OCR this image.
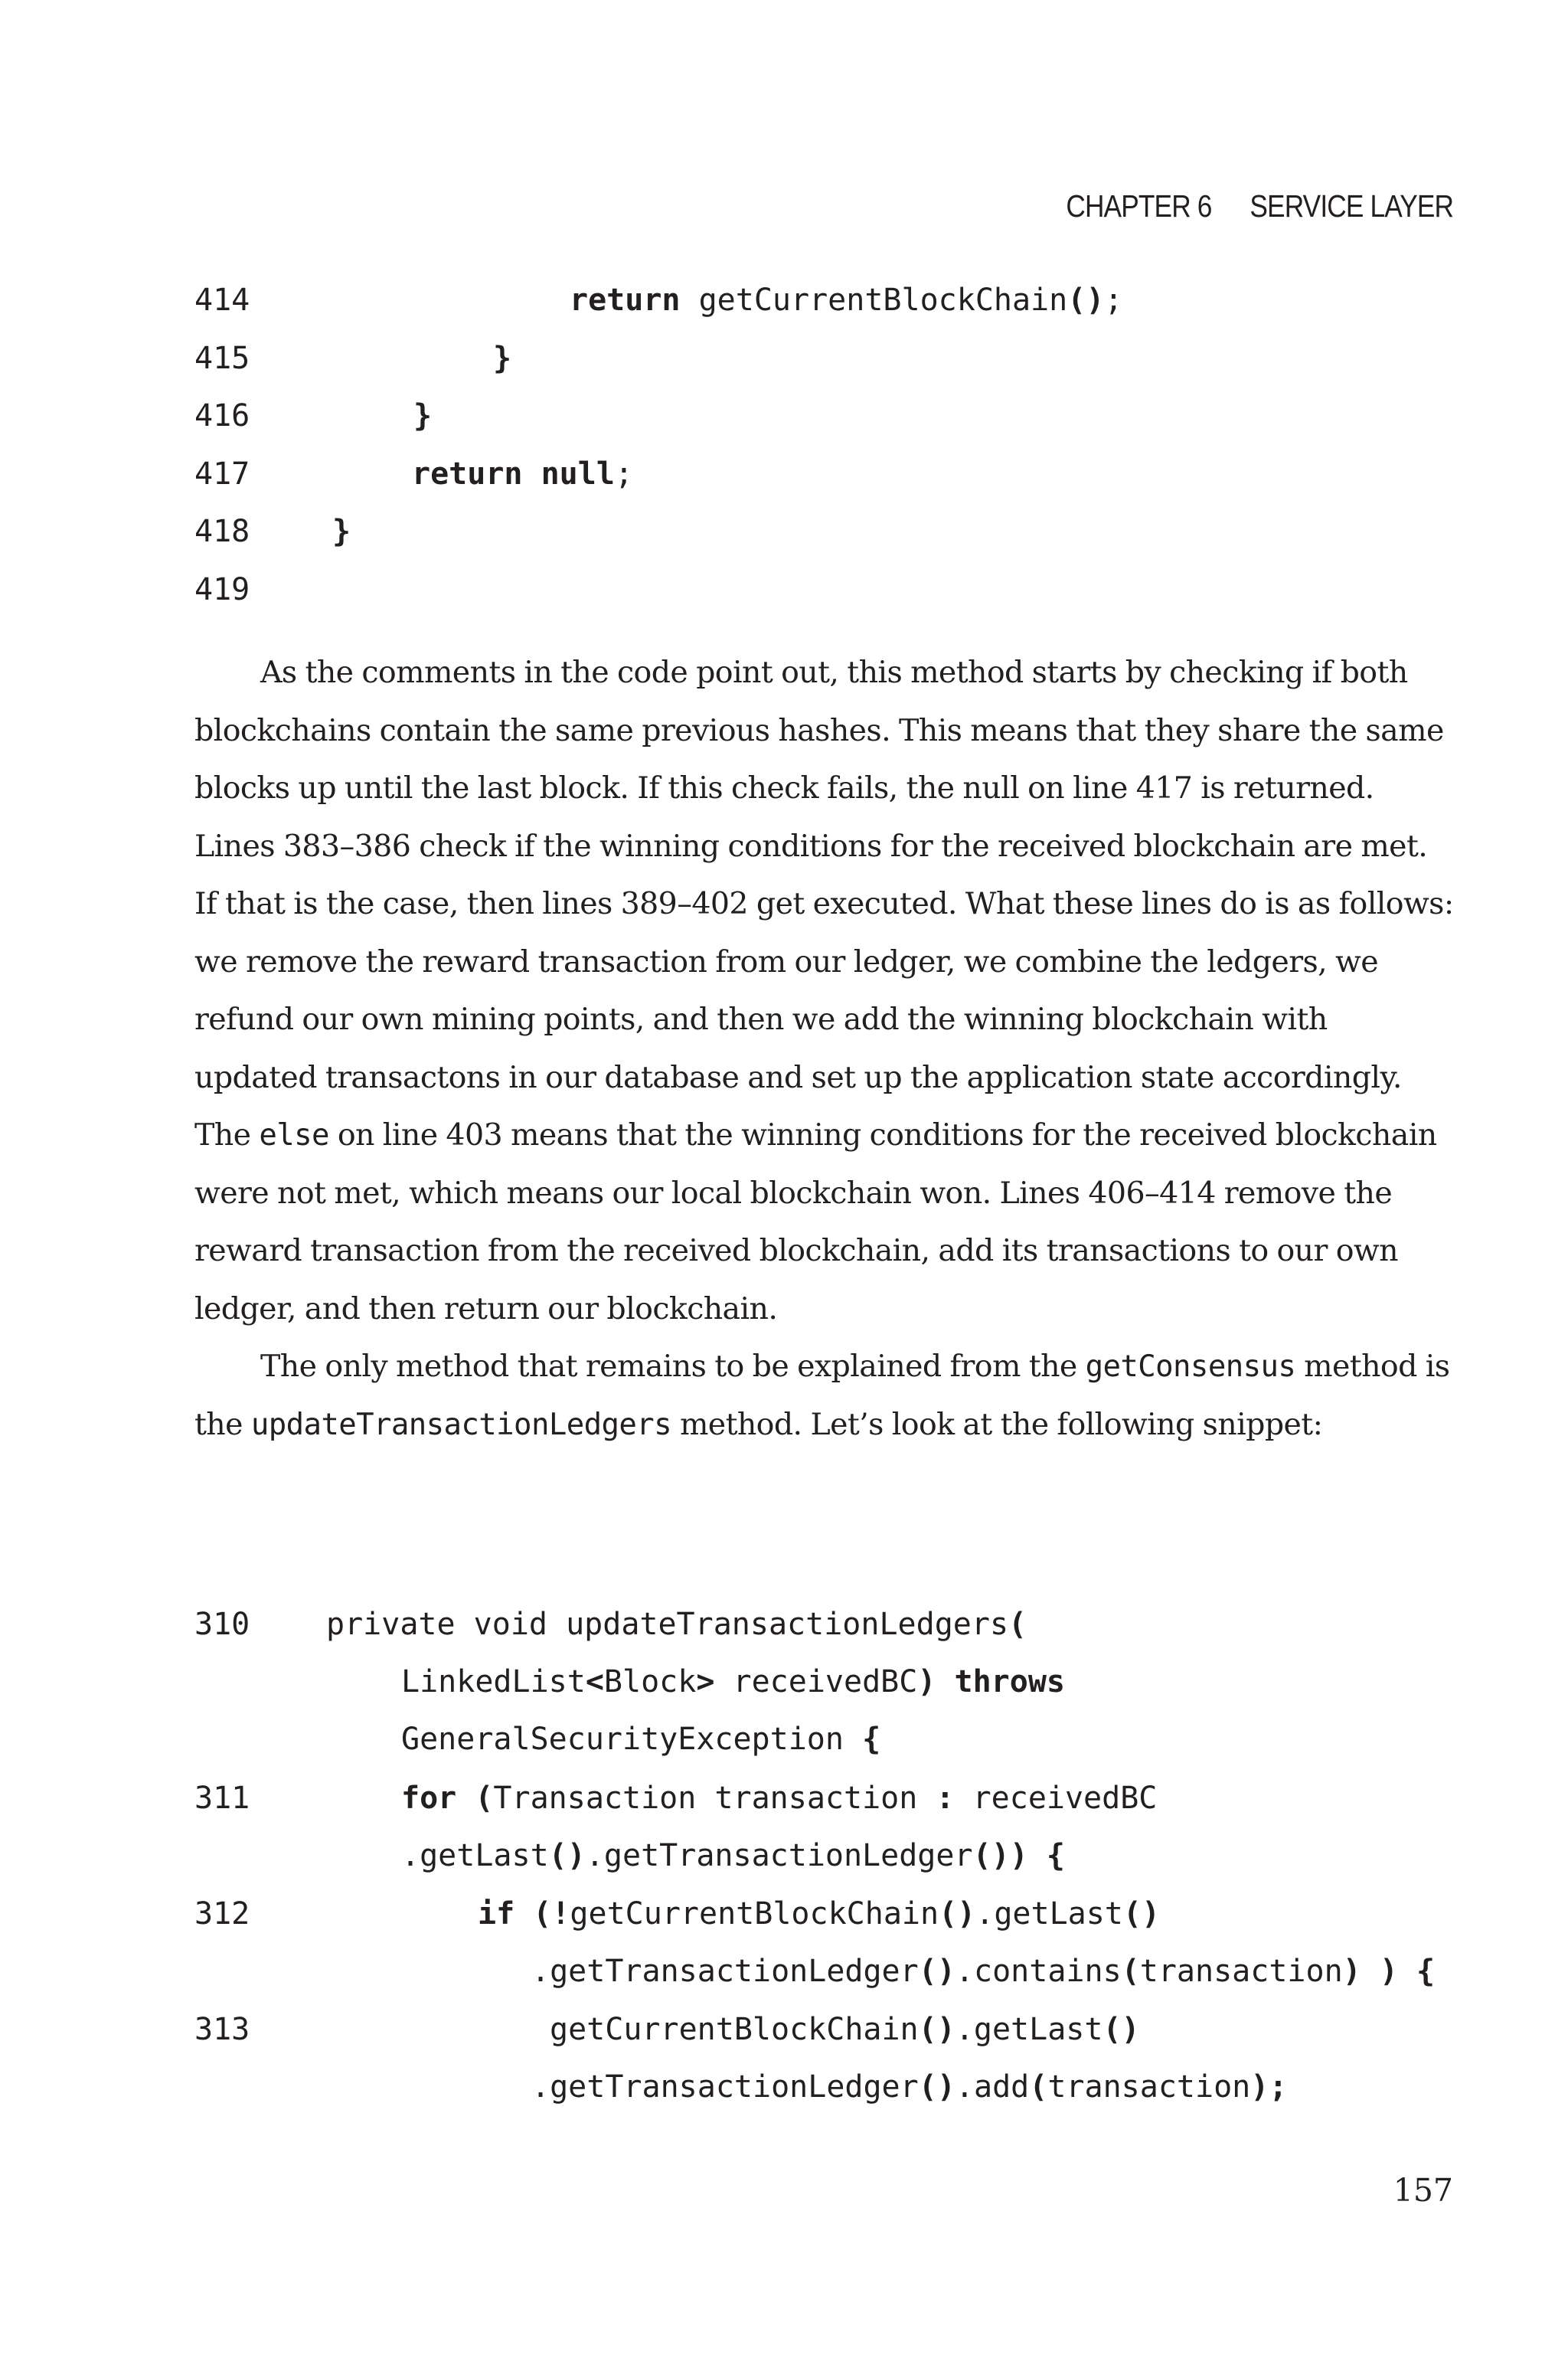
CHAPTER 6 SERVICE LAYER

414

	return getCurrentBlockChain();

415

	}

416

	}

417

	return null;

418

	}

419

As the comments in the code point out, this method starts by checking if both blockchains contain the same previous hashes. This means that they share the same blocks up until the last block. If this check fails, the null on line 417 is returned. Lines 383–386 check if the winning conditions for the received blockchain are met. If that is the case, then lines 389–402 get executed. What these lines do is as follows: we remove the reward transaction from our ledger, we combine the ledgers, we refund our own mining points, and then we add the winning blockchain with updated transactons in our database and set up the application state accordingly. The else on line 403 means that the winning conditions for the received blockchain were not met, which means our local blockchain won. Lines 406–414 remove the reward transaction from the received blockchain, add its transactions to our own ledger, and then return our blockchain.

The only method that remains to be explained from the getConsensus method is the updateTransactionLedgers method. Let’s look at the following snippet:

310

private void updateTransactionLedgers(

LinkedList<Block> receivedBC) throws

GeneralSecurityException {

311

	for (Transaction transaction : receivedBC

.getLast().getTransactionLedger()) {

312

	if (!getCurrentBlockChain().getLast()

.getTransactionLedger().contains(transaction) ) {

313

	getCurrentBlockChain().getLast()

.getTransactionLedger().add(transaction);

157
